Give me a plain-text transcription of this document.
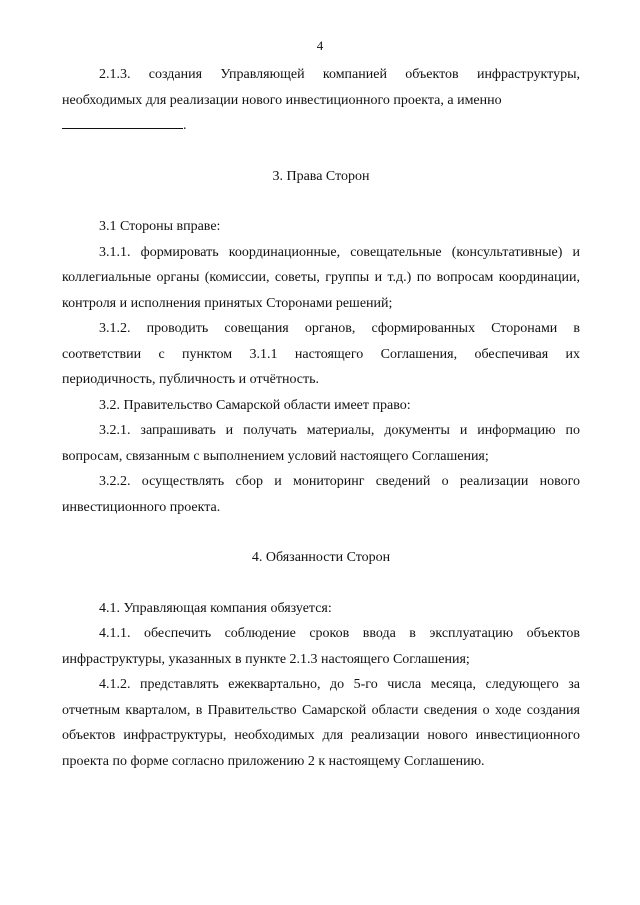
4

2.1.3. создания Управляющей компанией объектов инфраструктуры, необходимых для реализации нового инвестиционного проекта, а именно
.

3. Права Сторон

3.1 Стороны вправе:

3.1.1. формировать координационные, совещательные (консультативные) и коллегиальные органы (комиссии, советы, группы и т.д.) по вопросам координации, контроля и исполнения принятых Сторонами решений;

3.1.2. проводить совещания органов, сформированных Сторонами в соответствии с пунктом 3.1.1 настоящего Соглашения, обеспечивая их периодичность, публичность и отчётность.

3.2. Правительство Самарской области имеет право:

3.2.1. запрашивать и получать материалы, документы и информацию по вопросам, связанным с выполнением условий настоящего Соглашения;

3.2.2. осуществлять сбор и мониторинг сведений о реализации нового инвестиционного проекта.

4. Обязанности Сторон

4.1. Управляющая компания обязуется:

4.1.1. обеспечить соблюдение сроков ввода в эксплуатацию объектов инфраструктуры, указанных в пункте 2.1.3 настоящего Соглашения;

4.1.2. представлять ежеквартально, до 5-го числа месяца, следующего за отчетным кварталом, в Правительство Самарской области сведения о ходе создания объектов инфраструктуры, необходимых для реализации нового инвестиционного проекта по форме согласно приложению 2 к настоящему Соглашению.
